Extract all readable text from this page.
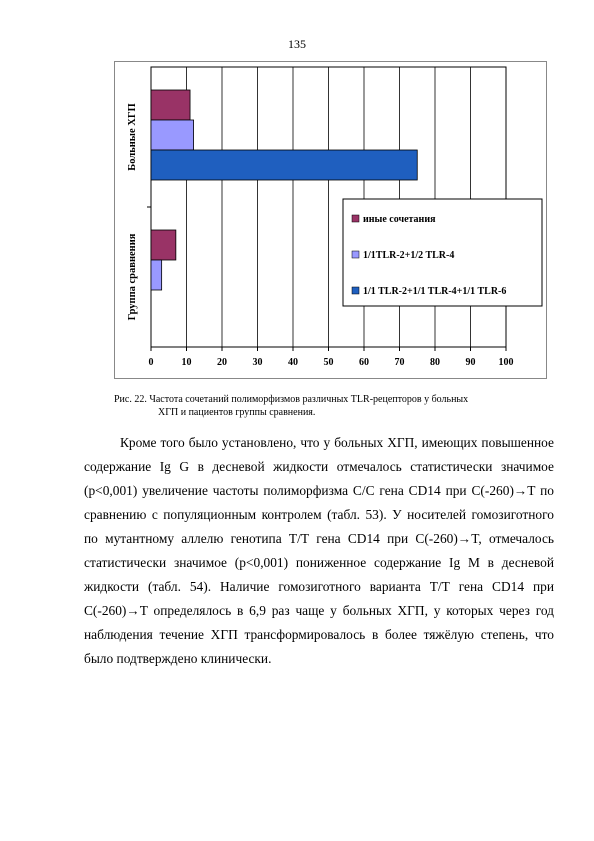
135
0	10	20	30	40	50	60	70	80	90 100
Больные ХГП
Группа сравнения
иные сочетания
1/1TLR-2+1/2 TLR-4
1/1 TLR-2+1/1 TLR-4+1/1 TLR-6
Рис. 22. Частота сочетаний полиморфизмов различных TLR-рецепторов у больных
ХГП и пациентов группы сравнения.

Кроме того было установлено, что у больных ХГП, имеющих повышенное содержание Ig G в десневой жидкости отмечалось статистически значимое (p<0,001) увеличение частоты полиморфизма С/С гена CD14 при С(-260)→T по сравнению с популяционным контролем (табл. 53). У носителей гомозиготного по мутантному аллелю генотипа Т/Т гена CD14 при С(-260)→T, отмечалось статистически значимое (p<0,001) пониженное содержание Ig M в десневой жидкости (табл. 54). Наличие гомозиготного варианта Т/Т гена CD14 при С(-260)→T определялось в 6,9 раз чаще у больных ХГП, у которых через год наблюдения течение ХГП трансформировалось в более тяжёлую степень, что было подтверждено клинически.
